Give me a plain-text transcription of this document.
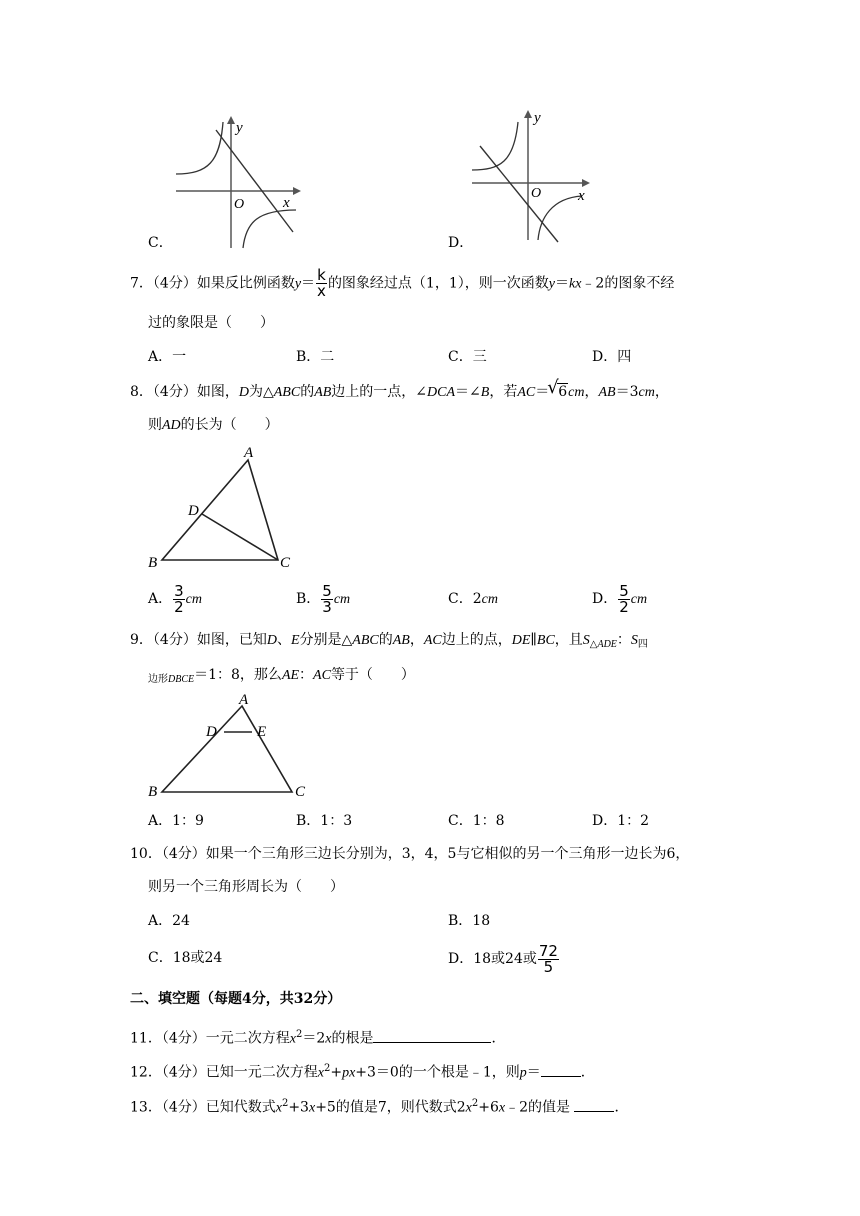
y
x
O
C．
y
x
O
D．
7．（4分）如果反比例函数$y= \frac{k}{x}$ 的图象经过点（1，1），则一次函数y＝kx﹣2的图象不经
过的象限是（　　）
A．一	B．二	C．三	D．四
8．（4分）如图，D为△ABC的AB边上的一点，∠DCA＝∠B，若AC＝√ 6cm，AB＝3cm，
则AD的长为（　　）
A
B	C
D
A． $\frac{3}{2}$ cm	B． $\frac{5}{3}$ cm	C．2cm	D． $\frac{5}{2}$ cm
9．（4分）如图，已知D、E分别是△ABC的AB，AC边上的点，DE∥BC，且$S_{\triangle ADE}$：$S_四$
$_{边形DBCE}$＝1：8，那么AE：AC等于（　　）
A
B	C
D	E
A．1：9	B．1：3	C．1：8	D．1：2
10．（4分）如果一个三角形三边长分别为，3，4，5与它相似的另一个三角形一边长为6，
则另一个三角形周长为（　　）
A．24	B．18
C．18或24	D．18或24或 $\frac{72}{5}$
二、填空题（每题4分，共32分）
11．（4分）一元二次方程$x^2=2x$的根是	．
12．（4分）已知一元二次方程$x^2+px+3=0$的一个根是﹣1，则p＝	．
13．（4分）已知代数式$x^2+3x+5$的值是7，则代数式$2x^2+6x﹣2$的值是	．
